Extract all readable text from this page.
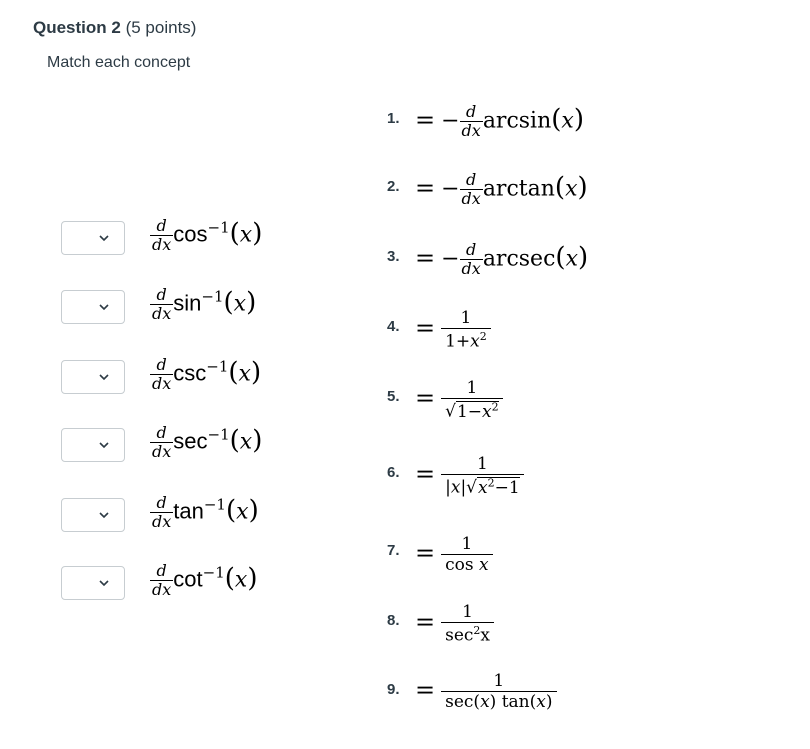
Question 2 (5 points)
Match each concept
$\frac{d}{dx} \cos^{-1}(x)$
$\frac{d}{dx} \sin^{-1}(x)$
$\frac{d}{dx} \csc^{-1}(x)$
$\frac{d}{dx} \sec^{-1}(x)$
$\frac{d}{dx} \tan^{-1}(x)$
$\frac{d}{dx} \cot^{-1}(x)$
1. = − $\frac{d}{dx} \arcsin(x)$
2. = − $\frac{d}{dx} \arctan(x)$
3. = − $\frac{d}{dx} arcsec(x)$
4. = $\frac{1}{1+x^2}$
5. = $\frac{1}{√1-x^2}$
6. = $\frac{1}{|x|√x^2-1}$
7. = $\frac{1}{\text{cos x}}$
8. = $\frac{1}{\sec^2x}$
9. = $\frac{1}{\sec(x) \tan(x)}$
